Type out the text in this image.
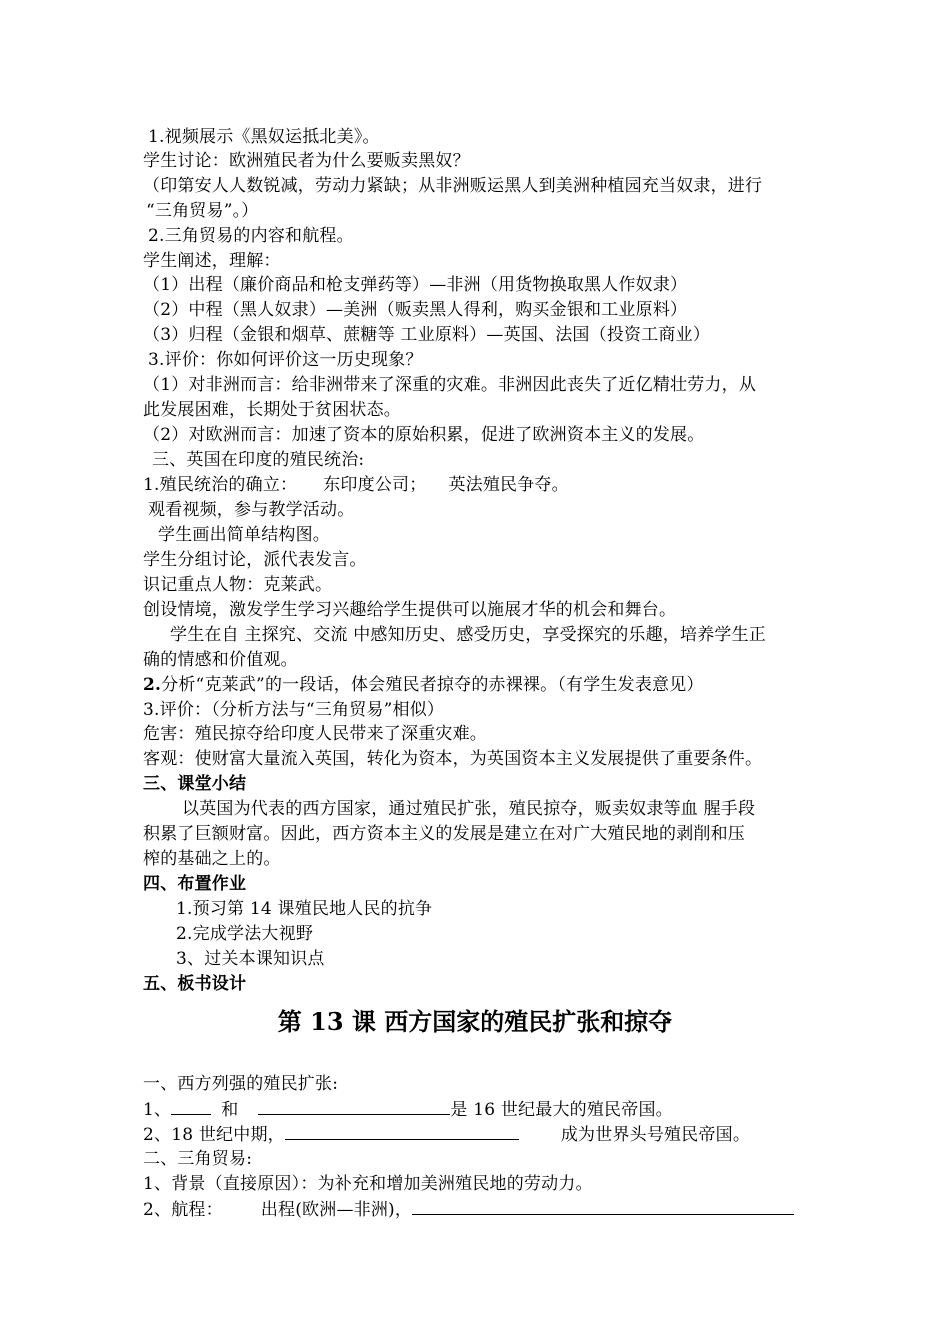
1.视频展示《黑奴运抵北美》。
学生讨论：欧洲殖民者为什么要贩卖黑奴？
（印第安人人数锐减，劳动力紧缺；从非洲贩运黑人到美洲种植园充当奴隶，进行
“三角贸易”。）
2.三角贸易的内容和航程。
学生阐述，理解：
（1）出程（廉价商品和枪支弹药等）—非洲（用货物换取黑人作奴隶）
（2）中程（黑人奴隶）—美洲（贩卖黑人得利，购买金银和工业原料）
（3）归程（金银和烟草、蔗糖等 工业原料）—英国、法国（投资工商业）
3.评价：你如何评价这一历史现象？
（1）对非洲而言：给非洲带来了深重的灾难。非洲因此丧失了近亿精壮劳力，从
此发展困难，长期处于贫困状态。
（2）对欧洲而言：加速了资本的原始积累，促进了欧洲资本主义的发展。
三、英国在印度的殖民统治:
1.殖民统治的确立： 东印度公司； 英法殖民争夺。
观看视频，参与教学活动。
学生画出简单结构图。
学生分组讨论，派代表发言。
识记重点人物：克莱武。
创设情境，激发学生学习兴趣给学生提供可以施展才华的机会和舞台。
学生在自 主探究、交流 中感知历史、感受历史，享受探究的乐趣，培养学生正
确的情感和价值观。
2.分析“克莱武”的一段话，体会殖民者掠夺的赤裸裸。（有学生发表意见）
3.评价：（分析方法与“三角贸易”相似）
危害：殖民掠夺给印度人民带来了深重灾难。
客观：使财富大量流入英国，转化为资本，为英国资本主义发展提供了重要条件。
三、课堂小结
以英国为代表的西方国家，通过殖民扩张，殖民掠夺，贩卖奴隶等血 腥手段
积累了巨额财富。因此，西方资本主义的发展是建立在对广大殖民地的剥削和压
榨的基础之上的。
四、布置作业
1.预习第 14 课殖民地人民的抗争
2.完成学法大视野
3、过关本课知识点
五、板书设计
第 13 课 西方国家的殖民扩张和掠夺
一、西方列强的殖民扩张:
1、	和	是 16 世纪最大的殖民帝国。
2、18 世纪中期，	成为世界头号殖民帝国。
二、三角贸易:
1、背景（直接原因）：为补充和增加美洲殖民地的劳动力。
2、航程： 出程(欧洲—非洲)，
